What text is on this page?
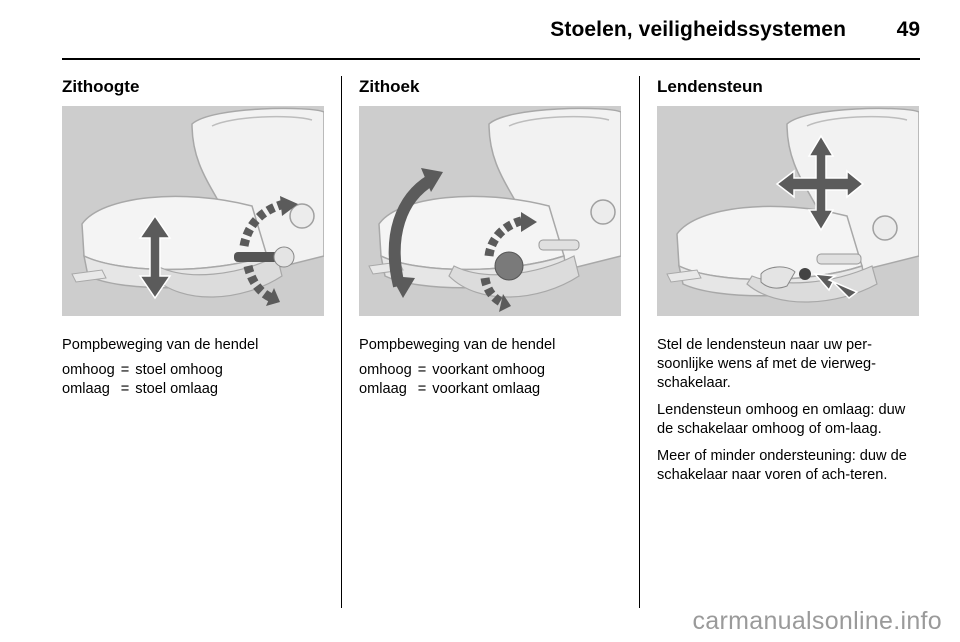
Stoelen, veiligheidssystemen 49
Zithoogte
Pompbeweging van de hendel
omhoog	=	stoel omhoog
omlaag	=	stoel omlaag
Zithoek
Pompbeweging van de hendel
omhoog	=	voorkant omhoog
omlaag	=	voorkant omlaag
Lendensteun
Stel de lendensteun naar uw per-soonlijke wens af met de vierweg-schakelaar.
Lendensteun omhoog en omlaag: duw de schakelaar omhoog of om-laag.
Meer of minder ondersteuning: duw de schakelaar naar voren of ach-teren.
carmanualsonline.info
